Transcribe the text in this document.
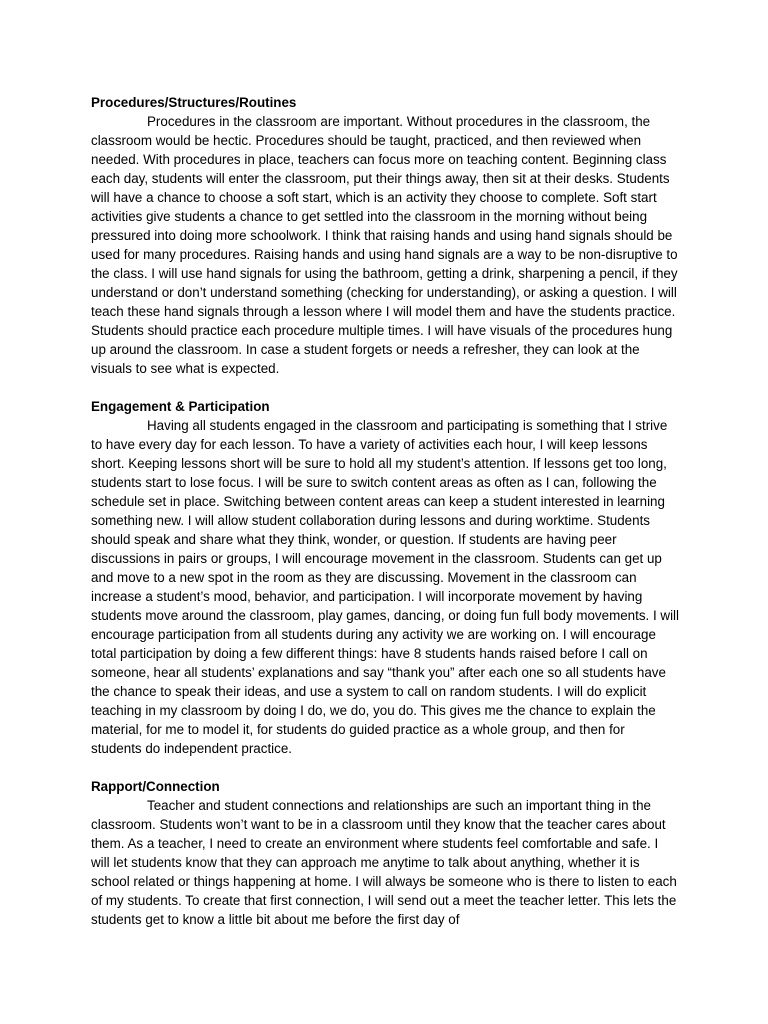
Procedures/Structures/Routines

Procedures in the classroom are important. Without procedures in the classroom, the classroom would be hectic. Procedures should be taught, practiced, and then reviewed when needed. With procedures in place, teachers can focus more on teaching content. Beginning class each day, students will enter the classroom, put their things away, then sit at their desks. Students will have a chance to choose a soft start, which is an activity they choose to complete. Soft start activities give students a chance to get settled into the classroom in the morning without being pressured into doing more schoolwork. I think that raising hands and using hand signals should be used for many procedures. Raising hands and using hand signals are a way to be non-disruptive to the class. I will use hand signals for using the bathroom, getting a drink, sharpening a pencil, if they understand or don’t understand something (checking for understanding), or asking a question. I will teach these hand signals through a lesson where I will model them and have the students practice. Students should practice each procedure multiple times. I will have visuals of the procedures hung up around the classroom. In case a student forgets or needs a refresher, they can look at the visuals to see what is expected.

Engagement & Participation

Having all students engaged in the classroom and participating is something that I strive to have every day for each lesson. To have a variety of activities each hour, I will keep lessons short. Keeping lessons short will be sure to hold all my student’s attention. If lessons get too long, students start to lose focus. I will be sure to switch content areas as often as I can, following the schedule set in place. Switching between content areas can keep a student interested in learning something new. I will allow student collaboration during lessons and during worktime. Students should speak and share what they think, wonder, or question. If students are having peer discussions in pairs or groups, I will encourage movement in the classroom. Students can get up and move to a new spot in the room as they are discussing. Movement in the classroom can increase a student’s mood, behavior, and participation. I will incorporate movement by having students move around the classroom, play games, dancing, or doing fun full body movements. I will encourage participation from all students during any activity we are working on. I will encourage total participation by doing a few different things: have 8 students hands raised before I call on someone, hear all students’ explanations and say “thank you” after each one so all students have the chance to speak their ideas, and use a system to call on random students. I will do explicit teaching in my classroom by doing I do, we do, you do. This gives me the chance to explain the material, for me to model it, for students do guided practice as a whole group, and then for students do independent practice.

Rapport/Connection

Teacher and student connections and relationships are such an important thing in the classroom. Students won’t want to be in a classroom until they know that the teacher cares about them. As a teacher, I need to create an environment where students feel comfortable and safe. I will let students know that they can approach me anytime to talk about anything, whether it is school related or things happening at home. I will always be someone who is there to listen to each of my students. To create that first connection, I will send out a meet the teacher letter. This lets the students get to know a little bit about me before the first day of
